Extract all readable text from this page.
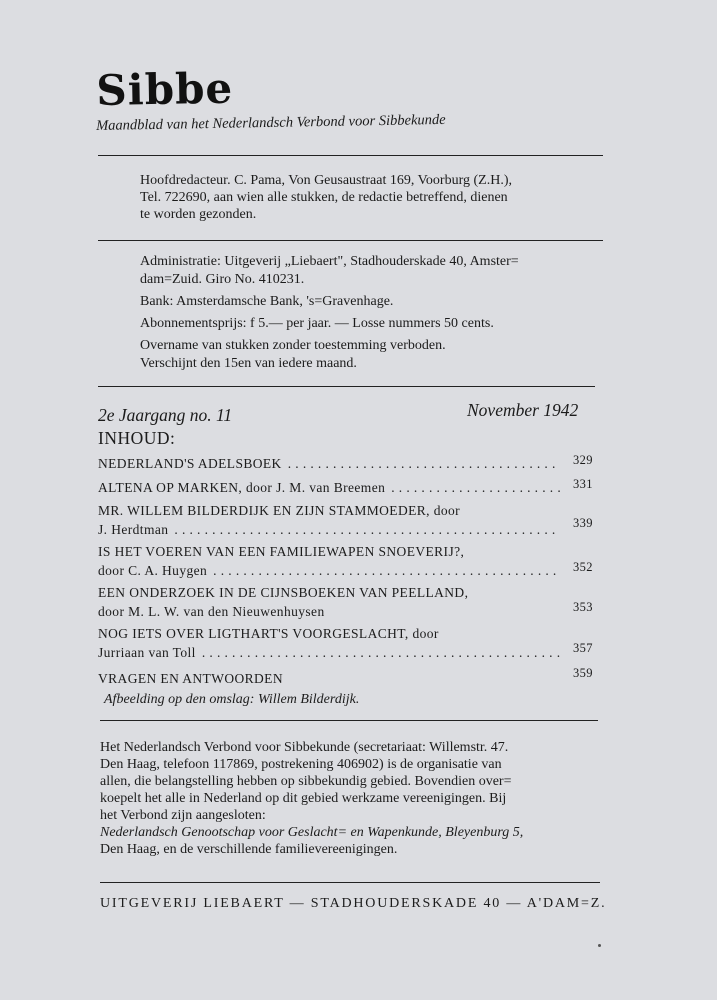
Sibbe
Maandblad van het Nederlandsch Verbond voor Sibbekunde

Hoofdredacteur. C. Pama, Von Geusaustraat 169, Voorburg (Z.H.),

Tel. 722690, aan wien alle stukken, de redactie betreffend, dienen

te worden gezonden.

Administratie: Uitgeverij „Liebaert", Stadhouderskade 40, Amster=

dam=Zuid. Giro No. 410231.

Bank: Amsterdamsche Bank, 's=Gravenhage.

Abonnementsprijs: f 5.— per jaar. — Losse nummers 50 cents.

Overname van stukken zonder toestemming verboden.

Verschijnt den 15en van iedere maand.

2e Jaargang no. 11	November 1942
INHOUD:
NEDERLAND'S ADELSBOEK . . .	329
ALTENA OP MARKEN, door J. M. van Breemen . . .	331
MR. WILLEM BILDERDIJK EN ZIJN STAMMOEDER, door
J. Herdtman . . .	339
IS HET VOEREN VAN EEN FAMILIEWAPEN SNOEVERIJ?,
door C. A. Huygen . . .	352
EEN ONDERZOEK IN DE CIJNSBOEKEN VAN PEELLAND,
door M. L. W. van den Nieuwenhuysen	353
NOG IETS OVER LIGTHART'S VOORGESLACHT, door
Jurriaan van Toll . . .	357
VRAGEN EN ANTWOORDEN	359
Afbeelding op den omslag: Willem Bilderdijk.

Het Nederlandsch Verbond voor Sibbekunde (secretariaat: Willemstr. 47.

Den Haag, telefoon 117869, postrekening 406902) is de organisatie van

allen, die belangstelling hebben op sibbekundig gebied. Bovendien over=

koepelt het alle in Nederland op dit gebied werkzame vereenigingen. Bij

het Verbond zijn aangesloten:

Nederlandsch Genootschap voor Geslacht= en Wapenkunde, Bleyenburg 5,

Den Haag, en de verschillende familievereenigingen.

UITGEVERIJ LIEBAERT — STADHOUDERSKADE 40 — A'DAM=Z.
